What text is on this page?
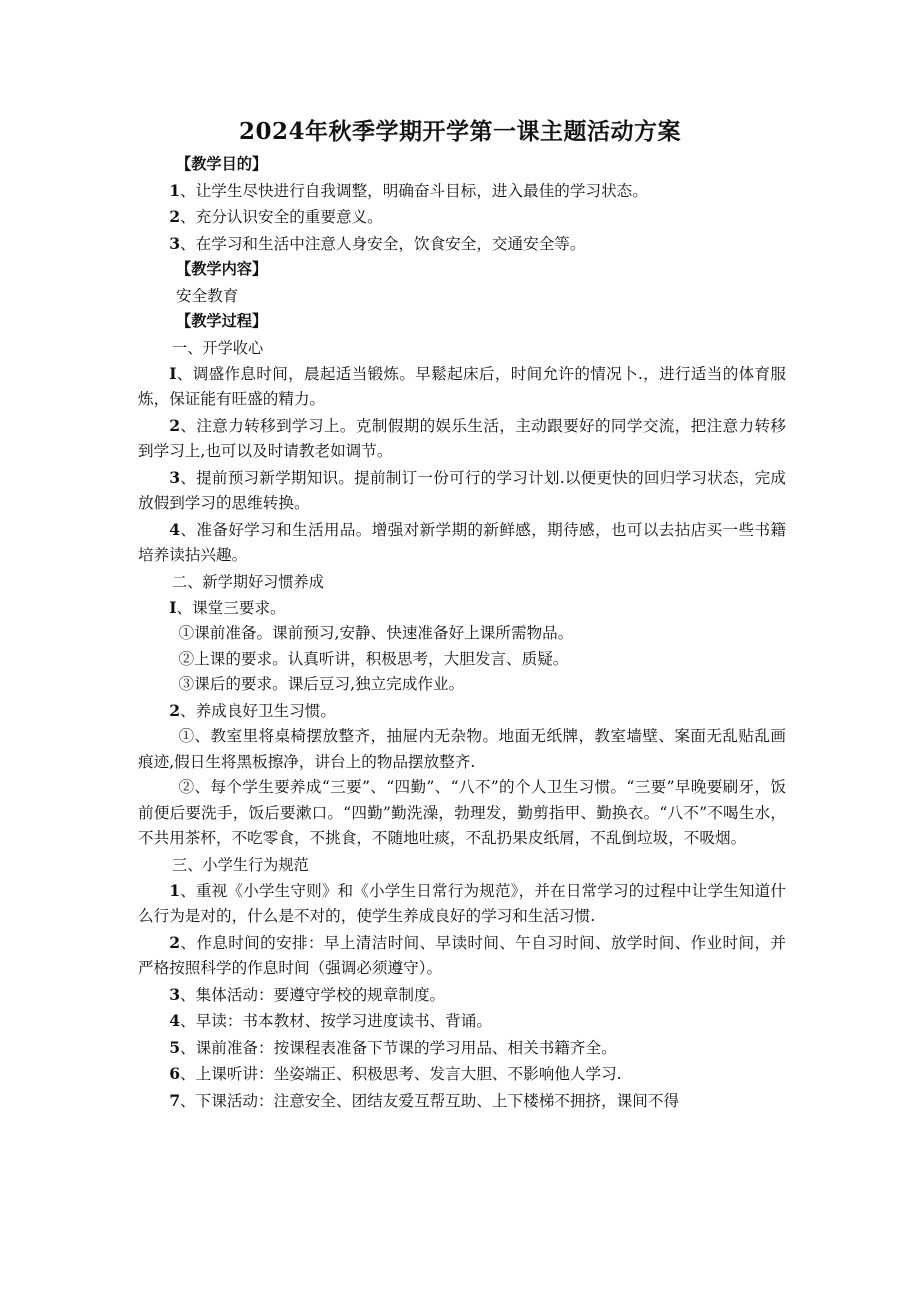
2024年秋季学期开学第一课主题活动方案

【教学目的】

1、让学生尽快进行自我调整，明确奋斗目标，进入最佳的学习状态。

2、充分认识安全的重要意义。

3、在学习和生活中注意人身安全，饮食安全，交通安全等。

【教学内容】

安全教育

【教学过程】

一、开学收心

I、调盛作息时间，晨起适当锻炼。早鬆起床后，时间允许的情况卜.，进行适当的体育服炼，保证能有旺盛的精力。

2、注意力转移到学习上。克制假期的娱乐生活，主动跟要好的同学交流，把注意力转移到学习上,也可以及时请教老如调节。

3、提前预习新学期知识。提前制订一份可行的学习计划.以便更快的回归学习状态，完成放假到学习的思维转换。

4、准备好学习和生活用品。增强对新学期的新鲜感，期待感，也可以去拈店买一些书籍培养读拈兴趣。

二、新学期好习惯养成

I、课堂三要求。

①课前准备。课前预习,安静、快速准备好上课所需物品。

②上课的要求。认真听讲，积极思考，大胆发言、质疑。

③课后的要求。课后豆习,独立完成作业。

2、养成良好卫生习惯。

①、教室里将桌椅摆放整齐，抽屉内无杂物。地面无纸牌，教室墙壁、案面无乱贴乱画痕迹,假日生将黑板擦净，讲台上的物品摆放整齐.

②、每个学生要养成“三要”、“四勤”、“八不”的个人卫生习惯。“三要”早晚要刷牙，饭前便后要洗手，饭后要漱口。“四勤”勤洗澡，勃理发，勤剪指甲、勤换衣。“八不”不喝生水，不共用茶杯，不吃零食，不挑食，不随地吐痰，不乱扔果皮纸屑，不乱倒垃圾，不吸烟。

三、小学生行为规范

1、重视《小学生守则》和《小学生日常行为规范》，并在日常学习的过程中让学生知道什么行为是对的，什么是不对的，使学生养成良好的学习和生活习惯.

2、作息时间的安排：早上清洁时间、早读时间、午自习时间、放学时间、作业时间，并严格按照科学的作息时间（强调必须遵守）。

3、集体活动：要遵守学校的规章制度。

4、早读：书本教材、按学习进度读书、背诵。

5、课前准备：按课程表准备下节课的学习用品、相关书籍齐全。

6、上课听讲：坐姿端正、积极思考、发言大胆、不影响他人学习.

7、下课活动：注意安全、团结友爱互帮互助、上下楼梯不拥挤，课间不得
